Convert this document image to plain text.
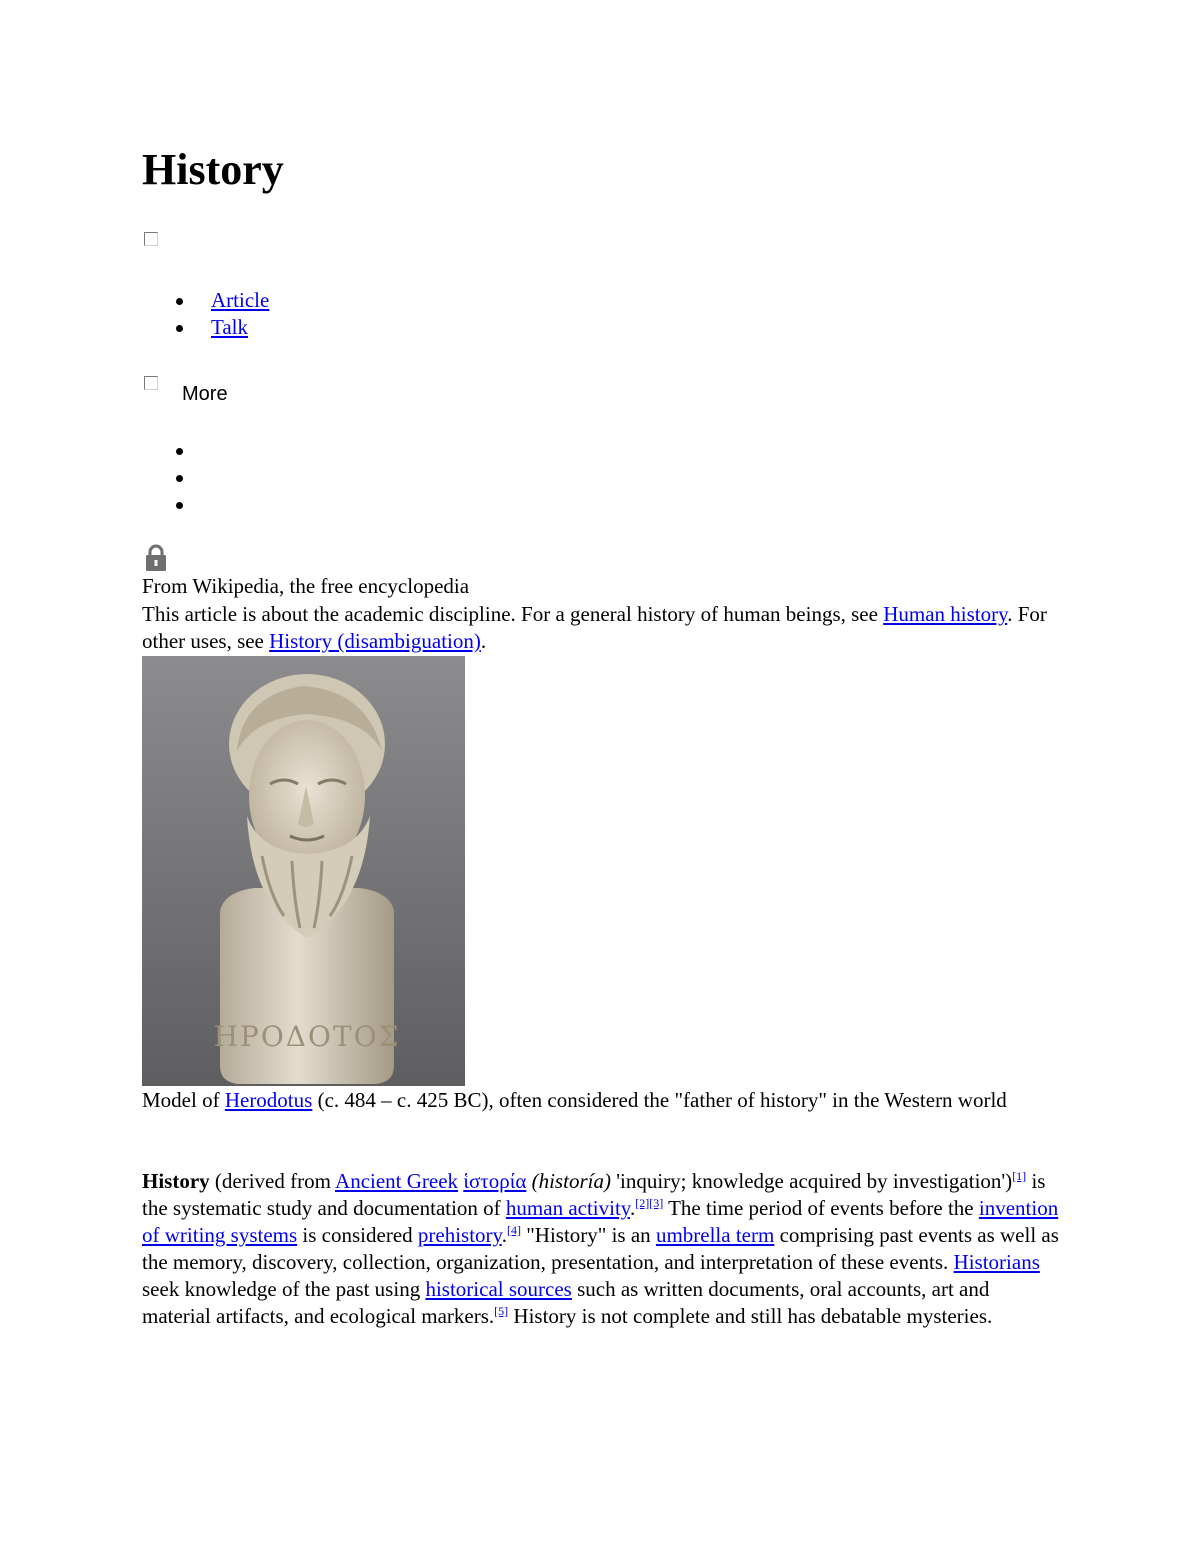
History
Article
Talk
More
From Wikipedia, the free encyclopedia
This article is about the academic discipline. For a general history of human beings, see Human history. For other uses, see History (disambiguation).
ΗΡΟΔΟΤΟΣ
Model of Herodotus (c. 484 – c. 425 BC), often considered the "father of history" in the Western world
History (derived from Ancient Greek ἱστορία (historía) 'inquiry; knowledge acquired by investigation')[1] is the systematic study and documentation of human activity.[2][3] The time period of events before the invention of writing systems is considered prehistory.[4] "History" is an umbrella term comprising past events as well as the memory, discovery, collection, organization, presentation, and interpretation of these events. Historians seek knowledge of the past using historical sources such as written documents, oral accounts, art and material artifacts, and ecological markers.[5] History is not complete and still has debatable mysteries.
